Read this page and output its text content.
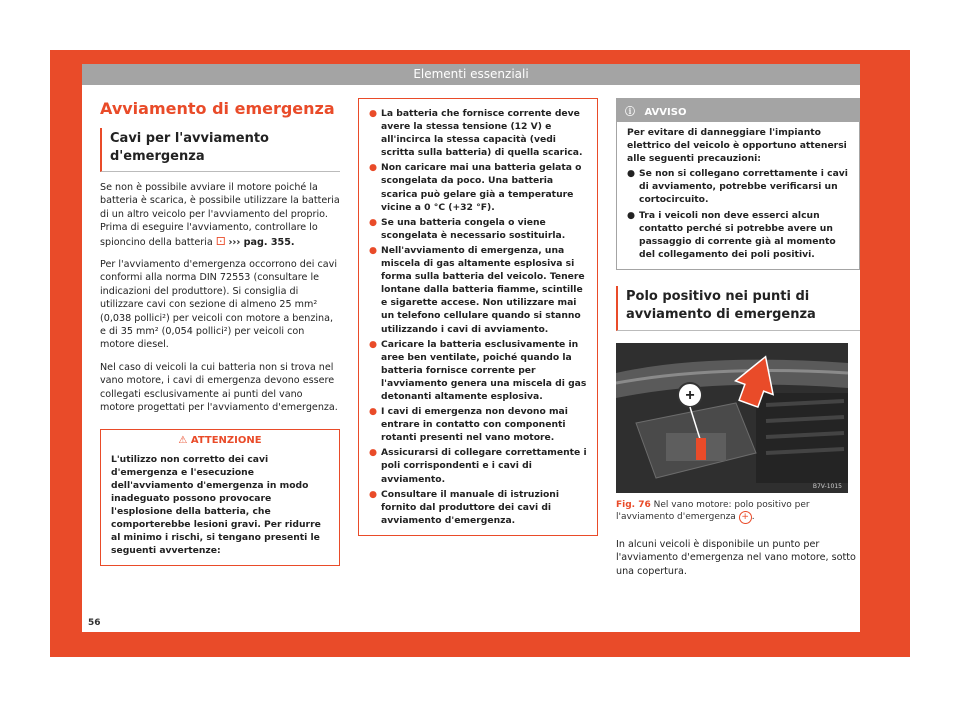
Elementi essenziali
Avviamento di emergenza
Cavi per l'avviamento d'emergenza

Se non è possibile avviare il motore poiché la batteria è scarica, è possibile utilizzare la batteria di un altro veicolo per l'avviamento del proprio. Prima di eseguire l'avviamento, controllare lo spioncino della batteria ⚀ ››› pag. 355.

Per l'avviamento d'emergenza occorrono dei cavi conformi alla norma DIN 72553 (consultare le indicazioni del produttore). Si consiglia di utilizzare cavi con sezione di almeno 25 mm² (0,038 pollici²) per veicoli con motore a benzina, e di 35 mm² (0,054 pollici²) per veicoli con motore diesel.

Nel caso di veicoli la cui batteria non si trova nel vano motore, i cavi di emergenza devono essere collegati esclusivamente ai punti del vano motore progettati per l'avviamento d'emergenza.

⚠ ATTENZIONE

L'utilizzo non corretto dei cavi d'emergenza e l'esecuzione dell'avviamento d'emergenza in modo inadeguato possono provocare l'esplosione della batteria, che comporterebbe lesioni gravi. Per ridurre al minimo i rischi, si tengano presenti le seguenti avvertenze:

● La batteria che fornisce corrente deve avere la stessa tensione (12 V) e all'incirca la stessa capacità (vedi scritta sulla batteria) di quella scarica.
● Non caricare mai una batteria gelata o scongelata da poco. Una batteria scarica può gelare già a temperature vicine a 0 °C (+32 °F).
● Se una batteria congela o viene scongelata è necessario sostituirla.
● Nell'avviamento di emergenza, una miscela di gas altamente esplosiva si forma sulla batteria del veicolo. Tenere lontane dalla batteria fiamme, scintille e sigarette accese. Non utilizzare mai un telefono cellulare quando si stanno utilizzando i cavi di avviamento.
● Caricare la batteria esclusivamente in aree ben ventilate, poiché quando la batteria fornisce corrente per l'avviamento genera una miscela di gas detonanti altamente esplosiva.
● I cavi di emergenza non devono mai entrare in contatto con componenti rotanti presenti nel vano motore.
● Assicurarsi di collegare correttamente i poli corrispondenti e i cavi di avviamento.
● Consultare il manuale di istruzioni fornito dal produttore dei cavi di avviamento d'emergenza.
ⓘ AVVISO

Per evitare di danneggiare l'impianto elettrico del veicolo è opportuno attenersi alle seguenti precauzioni:

● Se non si collegano correttamente i cavi di avviamento, potrebbe verificarsi un cortocircuito.
● Tra i veicoli non deve esserci alcun contatto perché si potrebbe avere un passaggio di corrente già al momento del collegamento dei poli positivi.
Polo positivo nei punti di avviamento di emergenza
+
B7V-1015
Fig. 76 Nel vano motore: polo positivo per l'avviamento d'emergenza + .

In alcuni veicoli è disponibile un punto per l'avviamento d'emergenza nel vano motore, sotto una copertura.

56
